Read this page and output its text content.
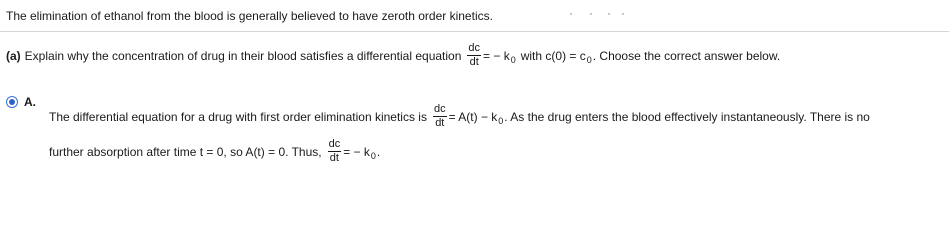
The elimination of ethanol from the blood is generally believed to have zeroth order kinetics.
(a) Explain why the concentration of drug in their blood satisfies a differential equation $\frac{dc}{dt}$ = − k 0 with c(0) = c 0 . Choose the correct answer below.
A.
The differential equation for a drug with first order elimination kinetics is $\frac{dc}{dt} = A(t) - k$ 0 . As the drug enters the blood effectively instantaneously. There is no
further absorption after time t = 0, so A(t) = 0. Thus, $\frac{dc}{dt}$ = − k 0 .
